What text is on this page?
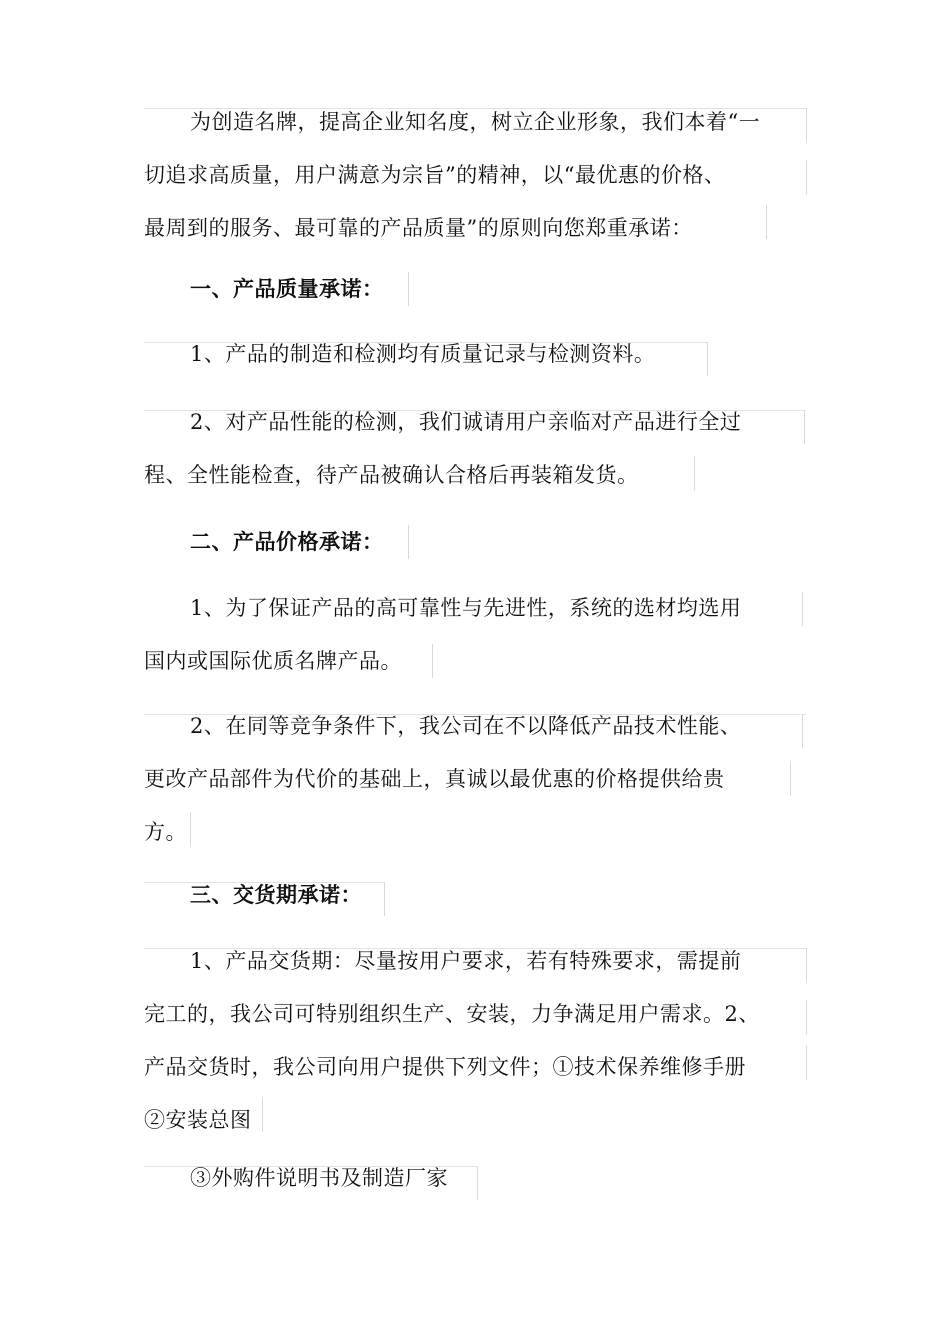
为创造名牌，提高企业知名度，树立企业形象，我们本着“一
切追求高质量，用户满意为宗旨”的精神，以“最优惠的价格、
最周到的服务、最可靠的产品质量”的原则向您郑重承诺：
一、产品质量承诺：
1、产品的制造和检测均有质量记录与检测资料。
2、对产品性能的检测，我们诚请用户亲临对产品进行全过
程、全性能检查，待产品被确认合格后再装箱发货。
二、产品价格承诺：
1、为了保证产品的高可靠性与先进性，系统的选材均选用
国内或国际优质名牌产品。
2、在同等竞争条件下，我公司在不以降低产品技术性能、
更改产品部件为代价的基础上，真诚以最优惠的价格提供给贵
方。
三、交货期承诺：
1、产品交货期：尽量按用户要求，若有特殊要求，需提前
完工的，我公司可特别组织生产、安装，力争满足用户需求。2、
产品交货时，我公司向用户提供下列文件；①技术保养维修手册
②安装总图
③外购件说明书及制造厂家
